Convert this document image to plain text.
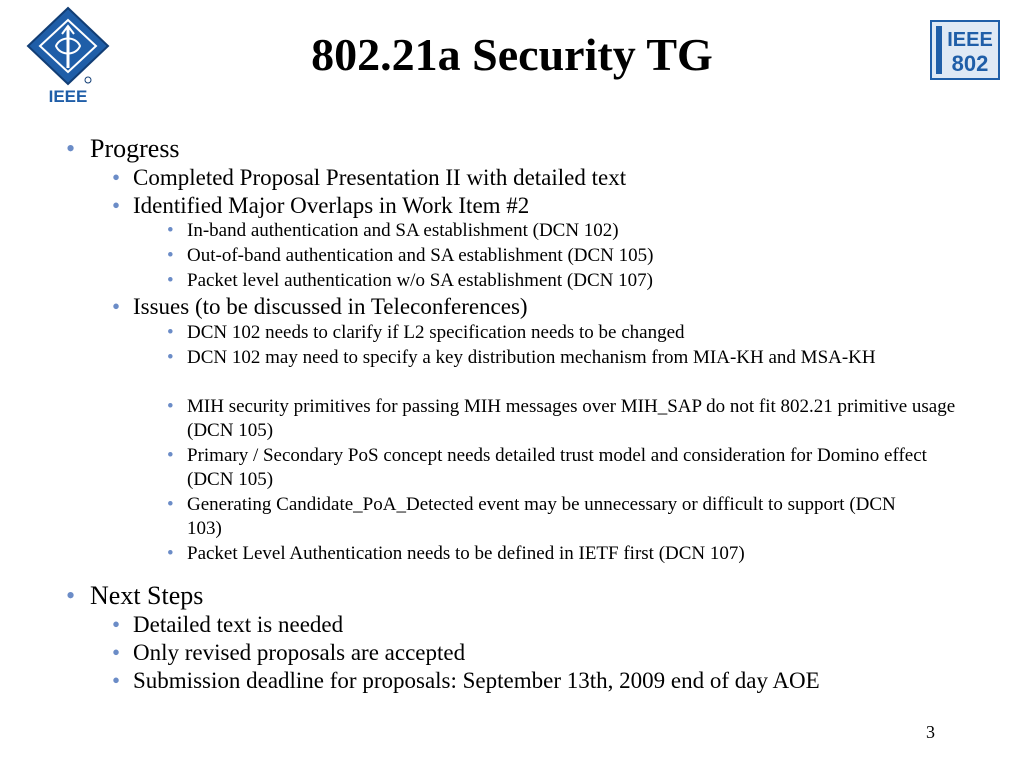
IEEE
IEEE
802
802.21a Security TG
• Progress
• Completed Proposal Presentation II with detailed text
• Identified Major Overlaps in Work Item #2
• In-band authentication and SA establishment (DCN 102)
• Out-of-band authentication and SA establishment (DCN 105)
• Packet level authentication w/o SA establishment (DCN 107)
• Issues (to be discussed in Teleconferences)
• DCN 102 needs to clarify if L2 specification needs to be changed
• DCN 102 may need to specify a key distribution mechanism from MIA-KH and MSA-KH
• MIH security primitives for passing MIH messages over MIH_SAP do not fit 802.21 primitive usage (DCN 105)
• Primary / Secondary PoS concept needs detailed trust model and consideration for Domino effect (DCN 105)
• Generating Candidate_PoA_Detected event may be unnecessary or difficult to support (DCN 103)
• Packet Level Authentication needs to be defined in IETF first (DCN 107)
• Next Steps
• Detailed text is needed
• Only revised proposals are accepted
• Submission deadline for proposals: September 13th, 2009 end of day AOE
3
